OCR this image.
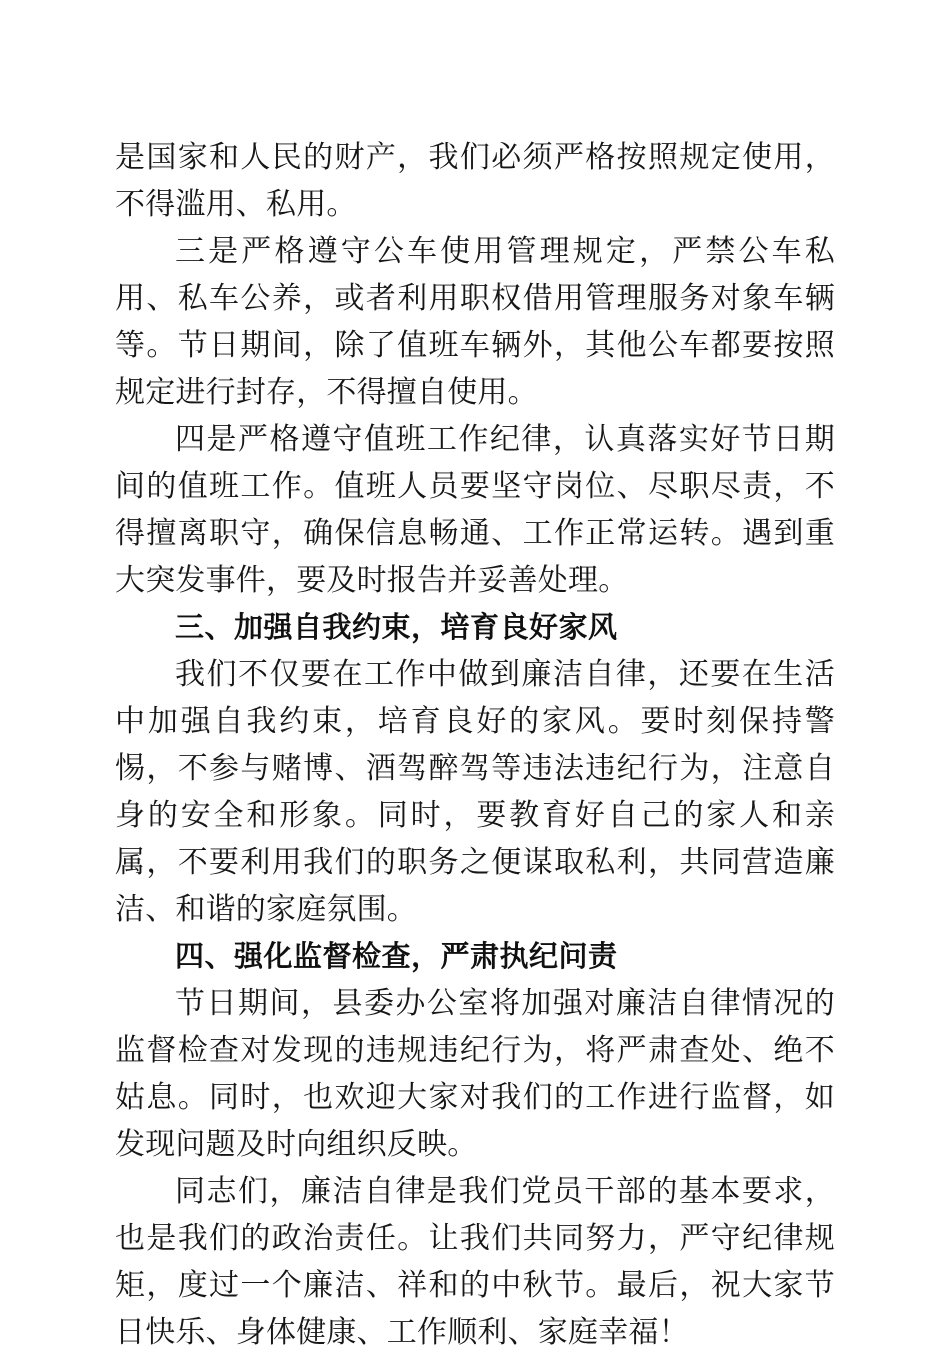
是国家和人民的财产，我们必须严格按照规定使用，不得滥用、私用。

三是严格遵守公车使用管理规定，严禁公车私用、私车公养，或者利用职权借用管理服务对象车辆等。节日期间，除了值班车辆外，其他公车都要按照规定进行封存，不得擅自使用。

四是严格遵守值班工作纪律，认真落实好节日期间的值班工作。值班人员要坚守岗位、尽职尽责，不得擅离职守，确保信息畅通、工作正常运转。遇到重大突发事件，要及时报告并妥善处理。

三、加强自我约束，培育良好家风

我们不仅要在工作中做到廉洁自律，还要在生活中加强自我约束，培育良好的家风。要时刻保持警惕，不参与赌博、酒驾醉驾等违法违纪行为，注意自身的安全和形象。同时，要教育好自己的家人和亲属，不要利用我们的职务之便谋取私利，共同营造廉洁、和谐的家庭氛围。

四、强化监督检查，严肃执纪问责

节日期间，县委办公室将加强对廉洁自律情况的监督检查对发现的违规违纪行为，将严肃查处、绝不姑息。同时，也欢迎大家对我们的工作进行监督，如发现问题及时向组织反映。

同志们，廉洁自律是我们党员干部的基本要求，也是我们的政治责任。让我们共同努力，严守纪律规矩，度过一个廉洁、祥和的中秋节。最后，祝大家节日快乐、身体健康、工作顺利、家庭幸福！
